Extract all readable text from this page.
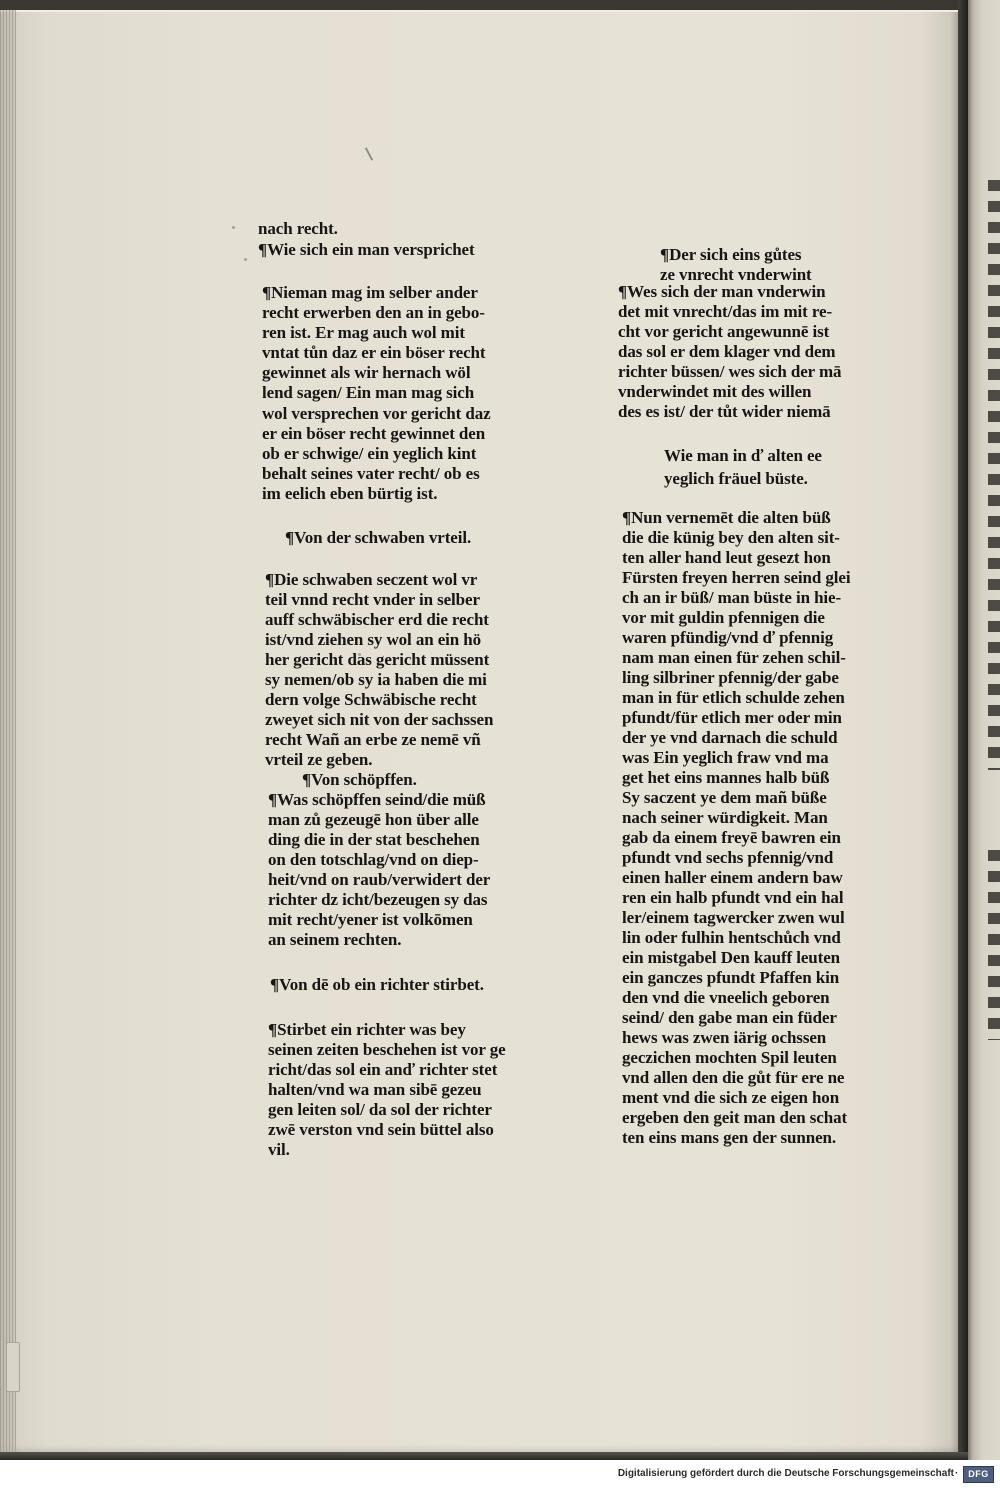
nach recht.
¶Wie sich ein man versprichet
¶Nieman mag im selber ander
recht erwerben den an in gebo-
ren ist. Er mag auch wol mit
vntat tůn daz er ein böser recht
gewinnet als wir hernach wöl
lend sagen/ Ein man mag sich
wol versprechen vor gericht daz
er ein böser recht gewinnet den
ob er schwige/ ein yeglich kint
behalt seines vater recht/ ob es
im eelich eben bürtig ist.
¶Von der schwaben vrteil.
¶Die schwaben seczent wol vr
teil vnnd recht vnder in selber
auff schwäbischer erd die recht
ist/vnd ziehen sy wol an ein hö
her gericht das gericht müssent
sy nemen/ob sy ia haben die mi
dern volge Schwäbische recht
zweyet sich nit von der sachssen
recht Wañ an erbe ze nemē vñ
vrteil ze geben.
¶Von schöpffen.
¶Was schöpffen seind/die müß
man zů gezeugē hon über alle
ding die in der stat beschehen
on den totschlag/vnd on diep-
heit/vnd on raub/verwidert der
richter dz icht/bezeugen sy das
mit recht/yener ist volkōmen
an seinem rechten.
¶Von dē ob ein richter stirbet.
¶Stirbet ein richter was bey
seinen zeiten beschehen ist vor ge
richt/das sol ein anď richter stet
halten/vnd wa man sibē gezeu
gen leiten sol/ da sol der richter
zwē verston vnd sein büttel also
vil.
¶Der sich eins gůtes
ze vnrecht vnderwint
¶Wes sich der man vnderwin
det mit vnrecht/das im mit re-
cht vor gericht angewunnē ist
das sol er dem klager vnd dem
richter büssen/ wes sich der mā
vnderwindet mit des willen
des es ist/ der tůt wider niemā
Wie man in ď alten ee
yeglich fräuel büste.
¶Nun vernemēt die alten büß
die die künig bey den alten sit-
ten aller hand leut gesezt hon
Fürsten freyen herren seind glei
ch an ir büß/ man büste in hie-
vor mit guldin pfennigen die
waren pfündig/vnd ď pfennig
nam man einen für zehen schil-
ling silbriner pfennig/der gabe
man in für etlich schulde zehen
pfundt/für etlich mer oder min
der ye vnd darnach die schuld
was Ein yeglich fraw vnd ma
get het eins mannes halb büß
Sy saczent ye dem mañ büße
nach seiner würdigkeit. Man
gab da einem freyē bawren ein
pfundt vnd sechs pfennig/vnd
einen haller einem andern baw
ren ein halb pfundt vnd ein hal
ler/einem tagwercker zwen wul
lin oder fulhin hentschůch vnd
ein mistgabel Den kauff leuten
ein ganczes pfundt Pfaffen kin
den vnd die vneelich geboren
seind/ den gabe man ein füder
hews was zwen iärig ochssen
geczichen mochten Spil leuten
vnd allen den die gůt für ere ne
ment vnd die sich ze eigen hon
ergeben den geit man den schat
ten eins mans gen der sunnen.
Digitalisierung gefördert durch die Deutsche Forschungsgemeinschaft ·	DFG
